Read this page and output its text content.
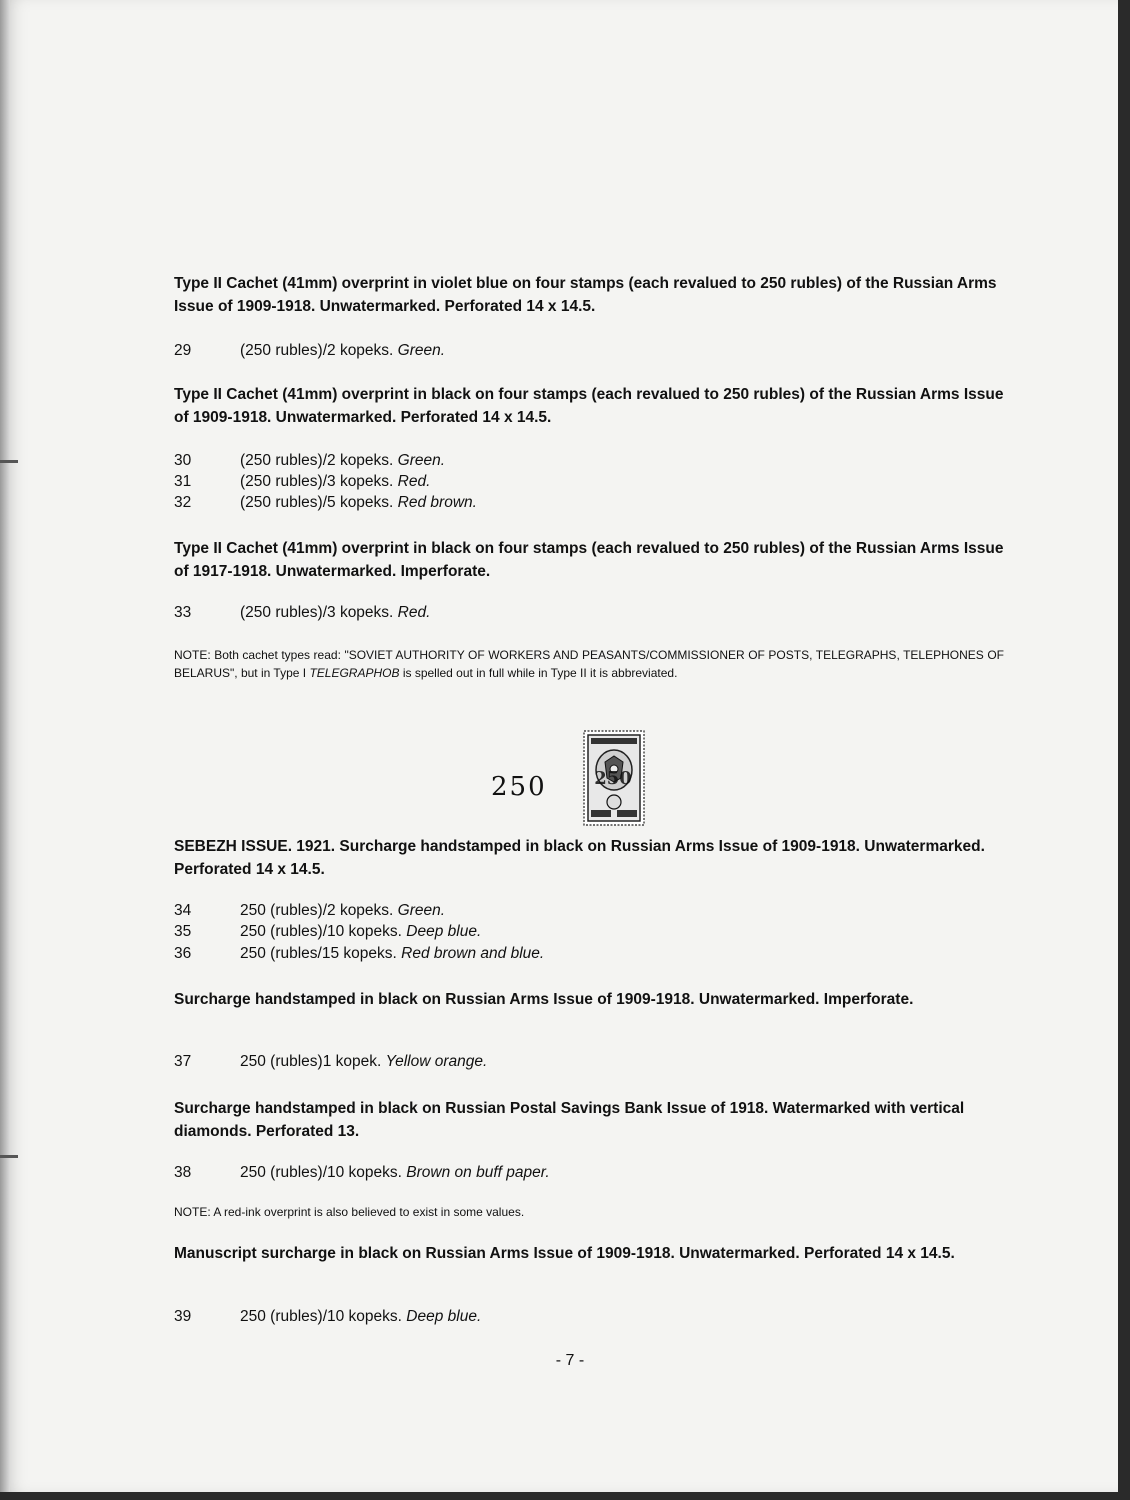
Type II Cachet (41mm) overprint in violet blue on four stamps (each revalued to 250 rubles) of the Russian Arms Issue of 1909-1918. Unwatermarked. Perforated 14 x 14.5.
29	(250 rubles)/2 kopeks. Green.
Type II Cachet (41mm) overprint in black on four stamps (each revalued to 250 rubles) of the Russian Arms Issue of 1909-1918. Unwatermarked. Perforated 14 x 14.5.
30	(250 rubles)/2 kopeks. Green.
31	(250 rubles)/3 kopeks. Red.
32	(250 rubles)/5 kopeks. Red brown.
Type II Cachet (41mm) overprint in black on four stamps (each revalued to 250 rubles) of the Russian Arms Issue of 1917-1918. Unwatermarked. Imperforate.
33	(250 rubles)/3 kopeks. Red.
NOTE: Both cachet types read: "SOVIET AUTHORITY OF WORKERS AND PEASANTS/COMMISSIONER OF POSTS, TELEGRAPHS, TELEPHONES OF BELARUS", but in Type I TELEGRAPHOB is spelled out in full while in Type II it is abbreviated.
250	250
SEBEZH ISSUE. 1921. Surcharge handstamped in black on Russian Arms Issue of 1909-1918. Unwatermarked. Perforated 14 x 14.5.
34	250 (rubles)/2 kopeks. Green.
35	250 (rubles)/10 kopeks. Deep blue.
36	250 (rubles/15 kopeks. Red brown and blue.
Surcharge handstamped in black on Russian Arms Issue of 1909-1918. Unwatermarked. Imperforate.
37	250 (rubles)1 kopek. Yellow orange.
Surcharge handstamped in black on Russian Postal Savings Bank Issue of 1918. Watermarked with vertical diamonds. Perforated 13.
38	250 (rubles)/10 kopeks. Brown on buff paper.
NOTE: A red-ink overprint is also believed to exist in some values.
Manuscript surcharge in black on Russian Arms Issue of 1909-1918. Unwatermarked. Perforated 14 x 14.5.
39	250 (rubles)/10 kopeks. Deep blue.
- 7 -
